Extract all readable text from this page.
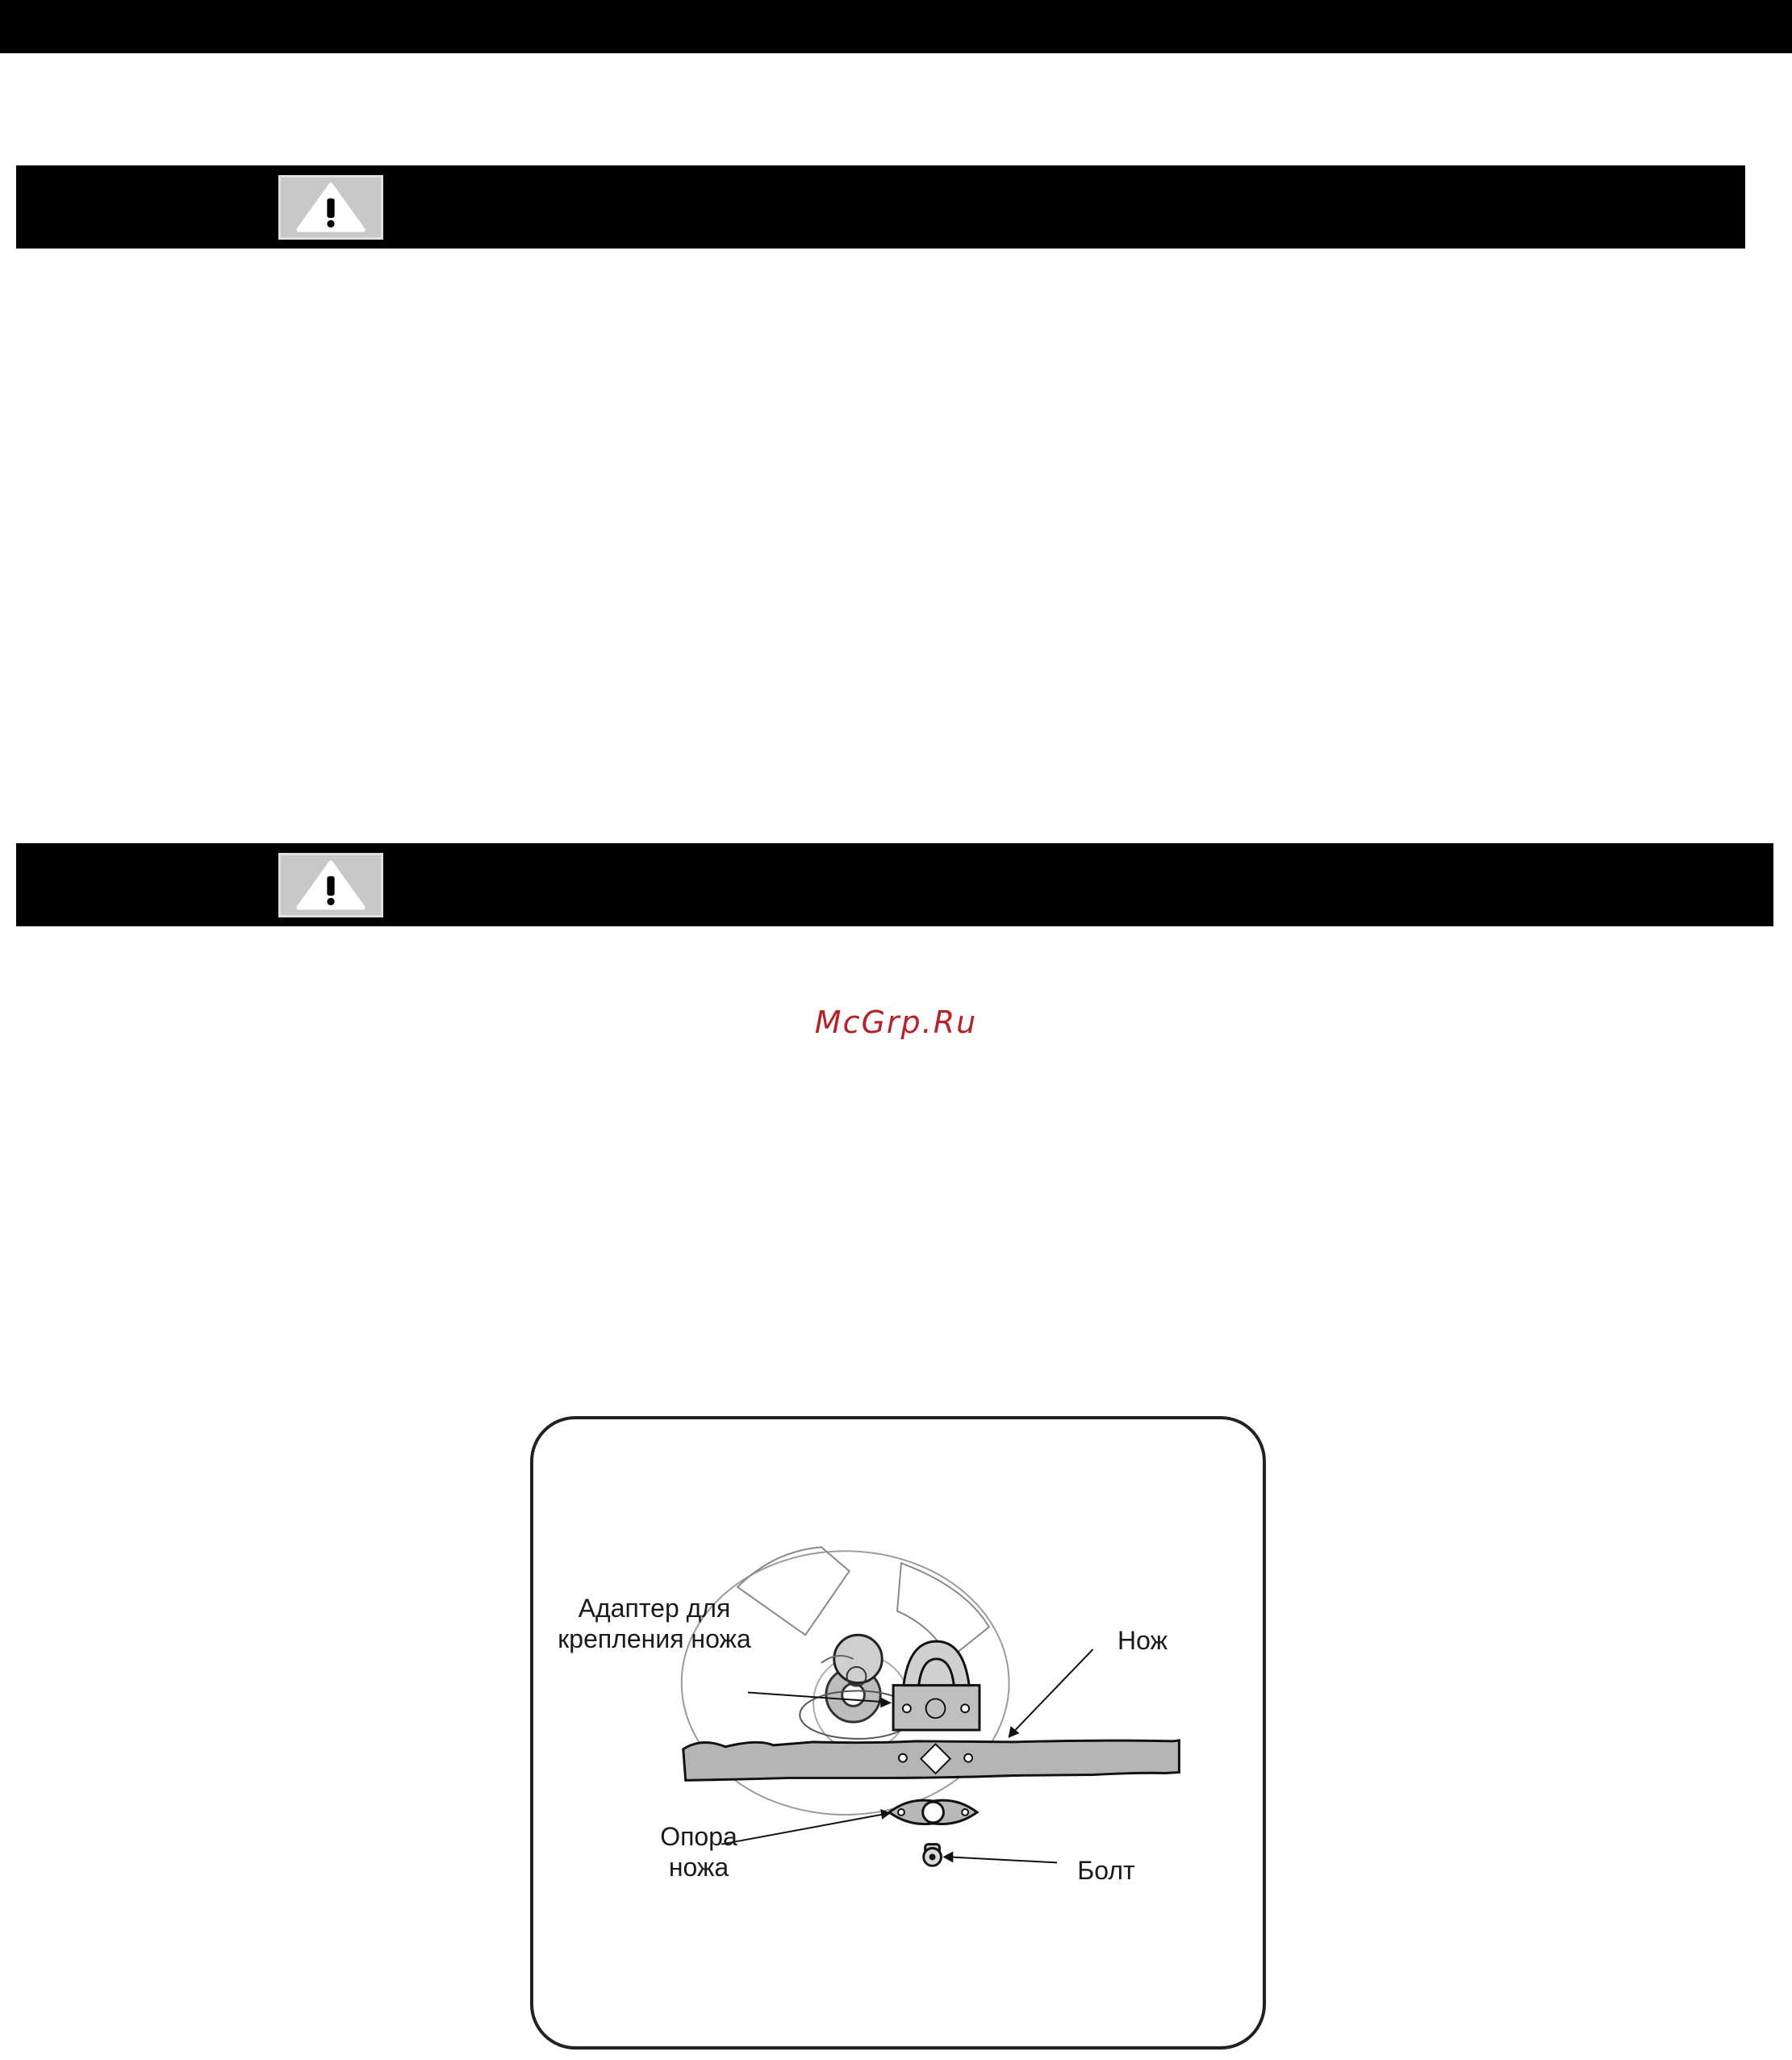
McGrp.Ru
Адаптер для крепления ножа	Нож
Опора ножа	Болт
